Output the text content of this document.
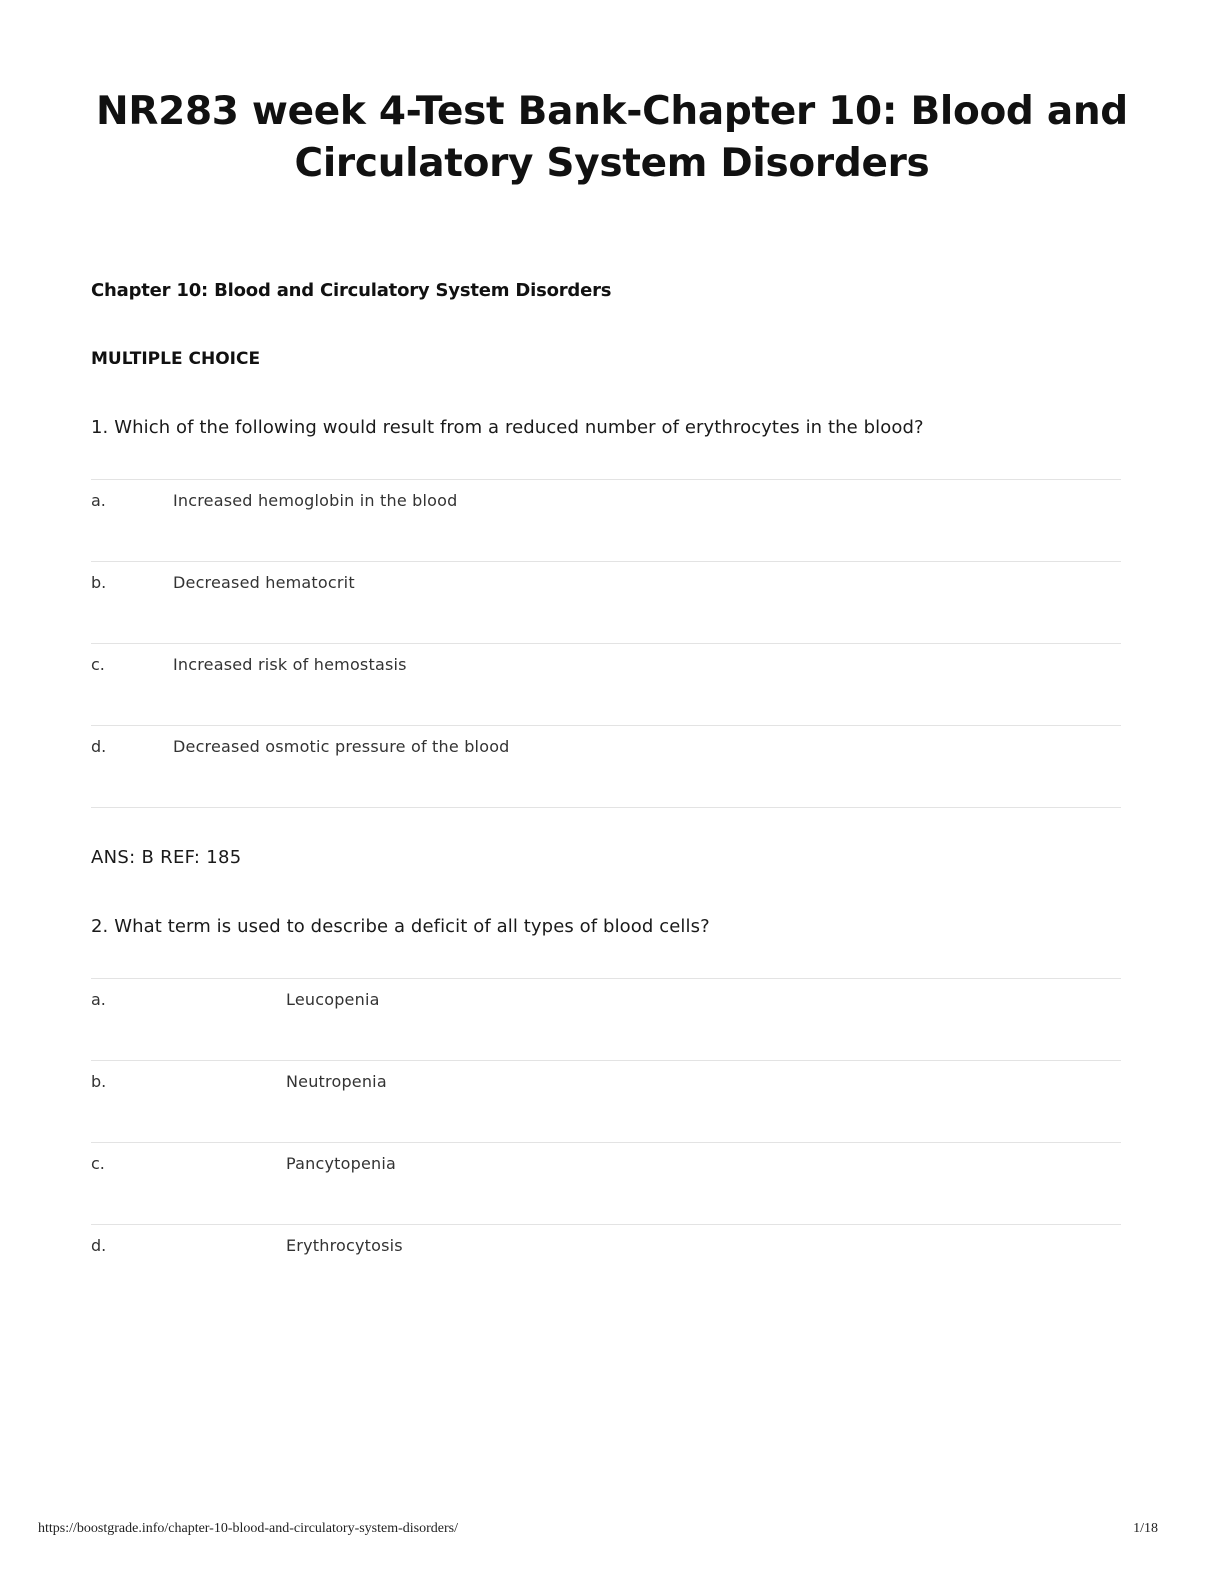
NR283 week 4-Test Bank-Chapter 10: Blood and Circulatory System Disorders
Chapter 10: Blood and Circulatory System Disorders
MULTIPLE CHOICE

1. Which of the following would result from a reduced number of erythrocytes in the blood?

a.	Increased hemoglobin in the blood
b.	Decreased hematocrit
c.	Increased risk of hemostasis
d.	Decreased osmotic pressure of the blood

ANS: B REF: 185

2. What term is used to describe a deficit of all types of blood cells?

a.	Leucopenia
b.	Neutropenia
c.	Pancytopenia
d.	Erythrocytosis
https://boostgrade.info/chapter-10-blood-and-circulatory-system-disorders/	1/18
